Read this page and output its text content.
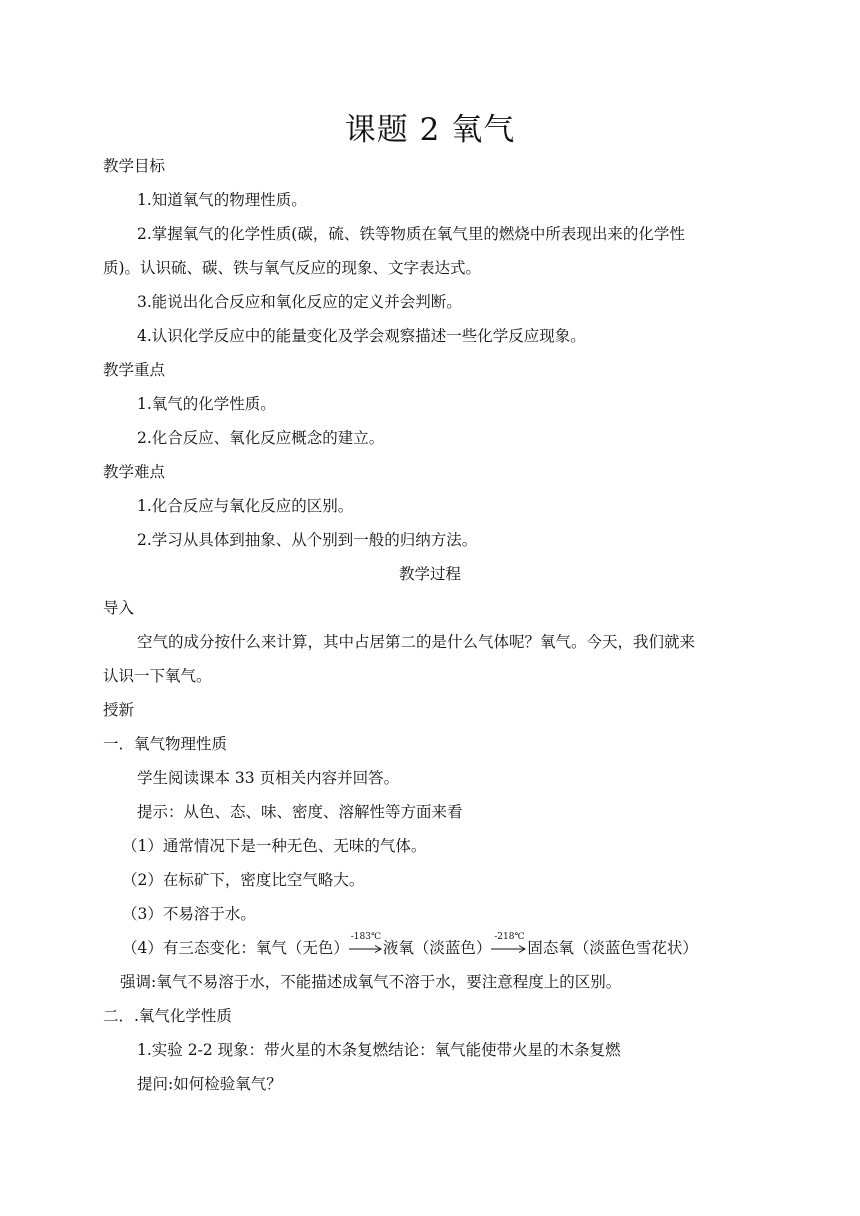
课题 2 氧气
教学目标
1.知道氧气的物理性质。
2.掌握氧气的化学性质(碳，硫、铁等物质在氧气里的燃烧中所表现出来的化学性
质)。认识硫、碳、铁与氧气反应的现象、文字表达式。
3.能说出化合反应和氧化反应的定义并会判断。
4.认识化学反应中的能量变化及学会观察描述一些化学反应现象。
教学重点
1.氧气的化学性质。
2.化合反应、氧化反应概念的建立。
教学难点
1.化合反应与氧化反应的区别。
2.学习从具体到抽象、从个别到一般的归纳方法。
教学过程
导入
空气的成分按什么来计算，其中占居第二的是什么气体呢？氧气。今天，我们就来
认识一下氧气。
授新
一．氧气物理性质
学生阅读课本 33 页相关内容并回答。
提示：从色、态、味、密度、溶解性等方面来看
（1）通常情况下是一种无色、无味的气体。
（2）在标矿下，密度比空气略大。
（3）不易溶于水。
（4）有三态变化：氧气（无色）
-183℃
液氧（淡蓝色）
-218℃
固态氧（淡蓝色雪花状）
强调:氧气不易溶于水，不能描述成氧气不溶于水，要注意程度上的区别。
二．.氧气化学性质
1.实验 2-2 现象：带火星的木条复燃结论：氧气能使带火星的木条复燃
提问:如何检验氧气？
